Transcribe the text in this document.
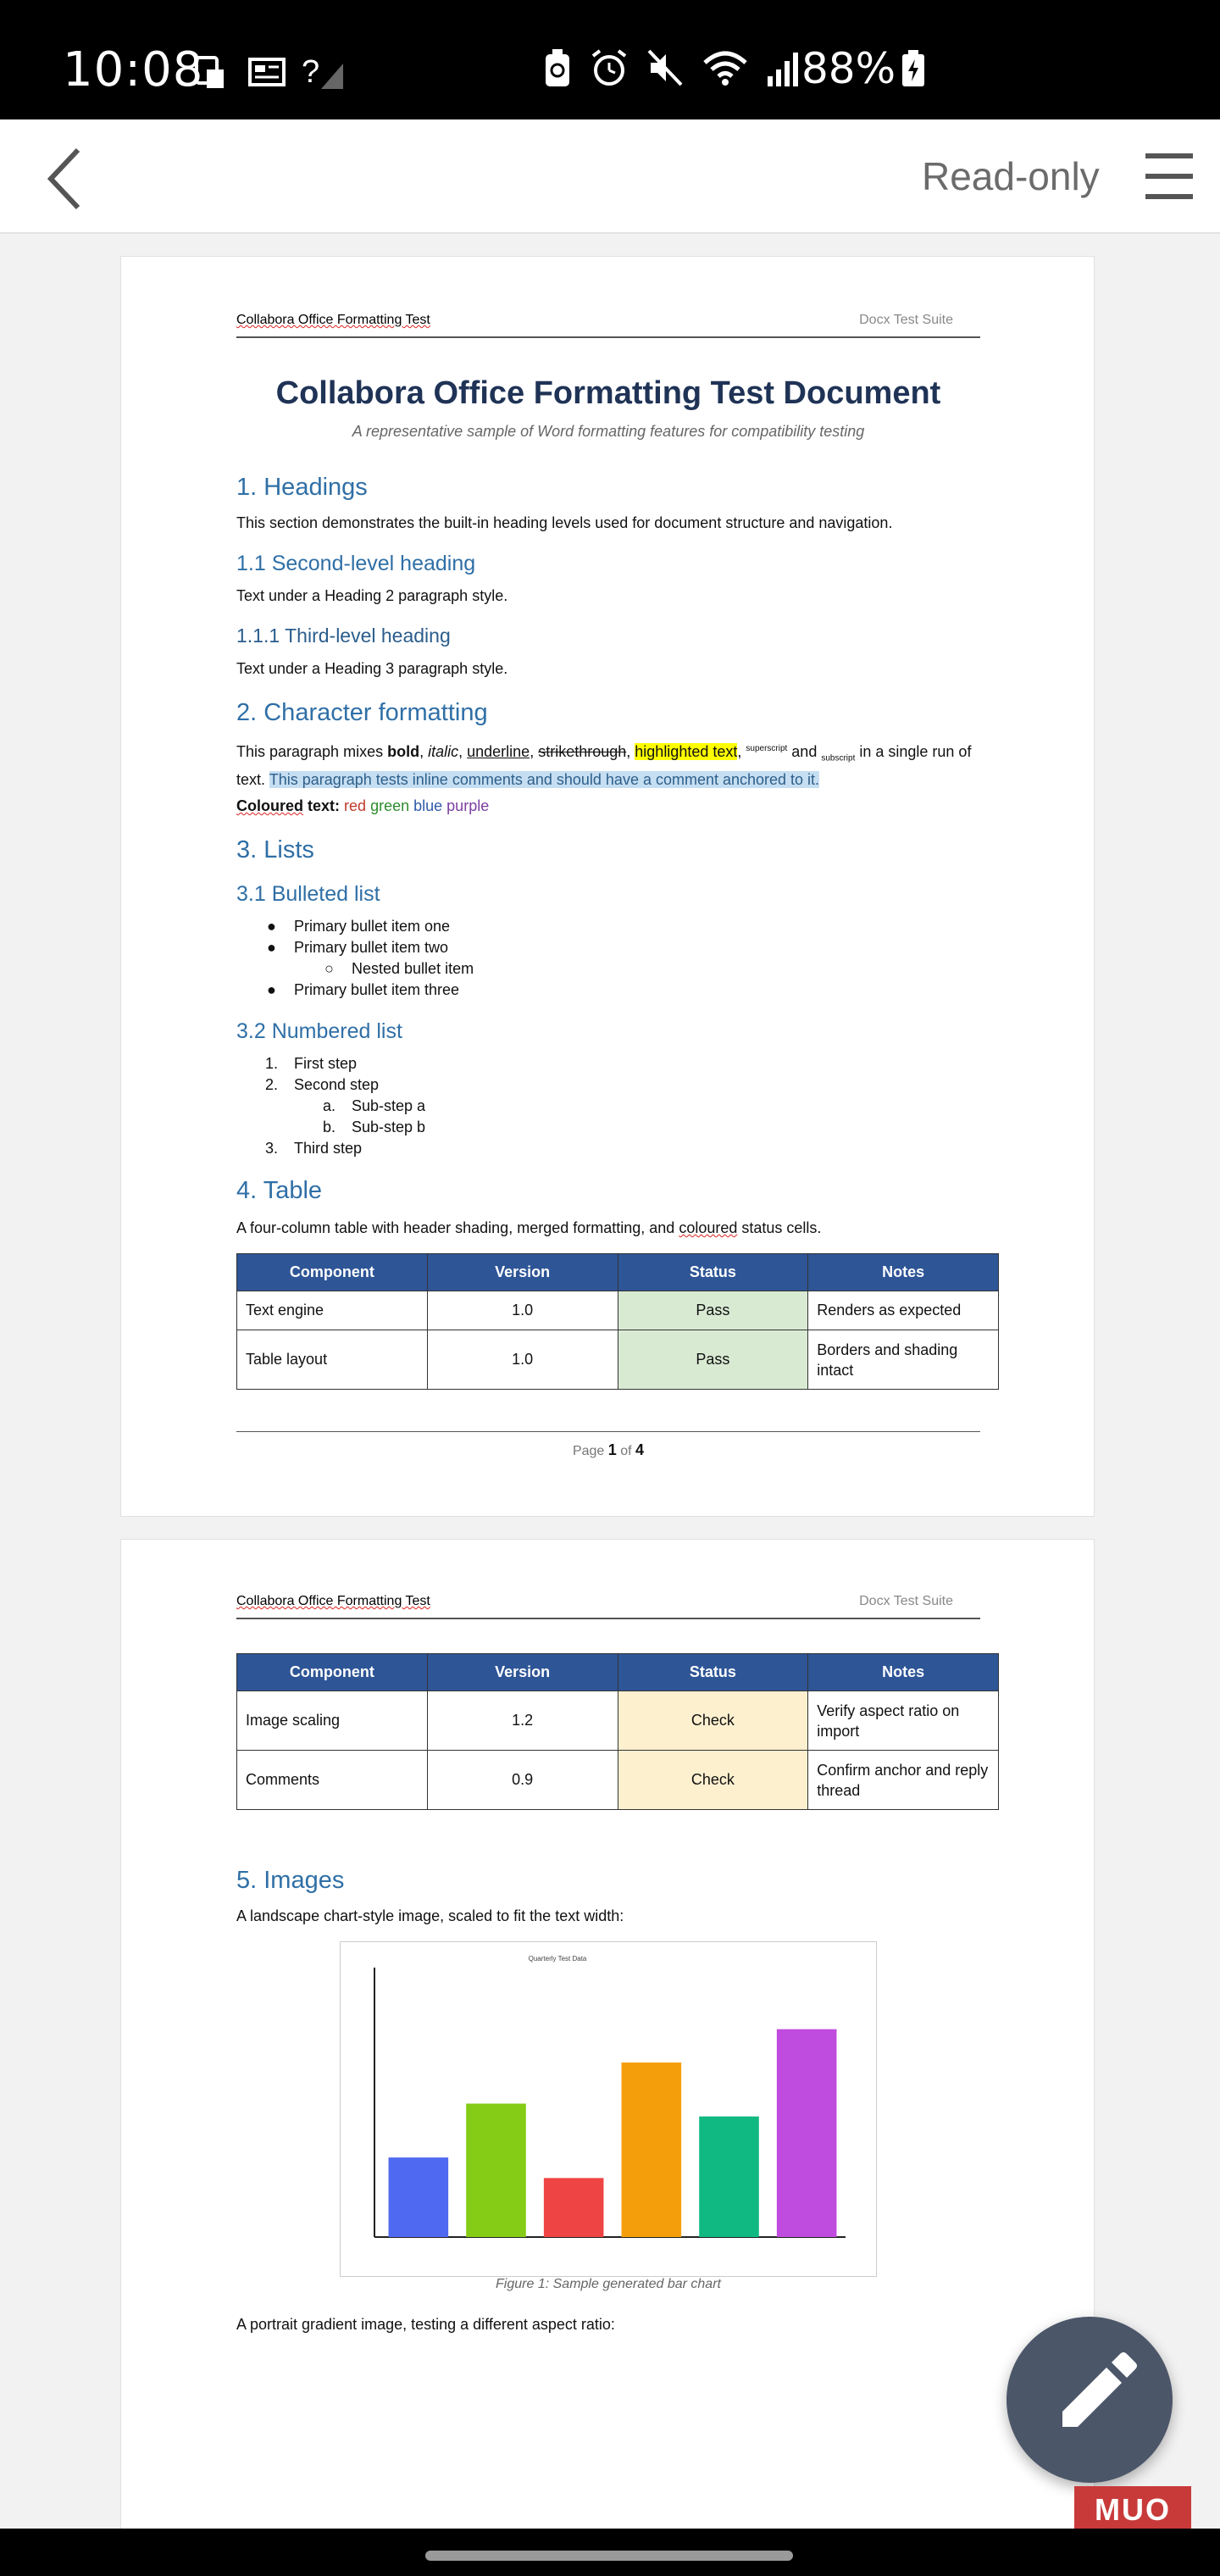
10:08	?	88%
Read-only
Collabora Office Formatting Test	Docx Test Suite
Collabora Office Formatting Test Document
A representative sample of Word formatting features for compatibility testing
1. Headings
This section demonstrates the built-in heading levels used for document structure and navigation.
1.1 Second-level heading
Text under a Heading 2 paragraph style.
1.1.1 Third-level heading
Text under a Heading 3 paragraph style.
2. Character formatting
This paragraph mixes bold, italic, underline, strikethrough, highlighted text, $^{superscript}$ and $_{subscript}$ in a single run of text. This paragraph tests inline comments and should have a comment anchored to it.
Coloured text: red green blue purple
3. Lists
3.1 Bulleted list
● Primary bullet item one
● Primary bullet item two
○ Nested bullet item
● Primary bullet item three
3.2 Numbered list
1. First step
2. Second step
a. Sub-step a
b. Sub-step b
3. Third step
4. Table
A four-column table with header shading, merged formatting, and coloured status cells.
Component	Version	Status	Notes
Text engine	1.0	Pass	Renders as expected
Table layout	1.0	Pass	Borders and shading intact
Page 1 of 4
Collabora Office Formatting Test	Docx Test Suite
Component	Version	Status	Notes
Image scaling	1.2	Check	Verify aspect ratio on import
Comments	0.9	Check	Confirm anchor and reply thread
5. Images
A landscape chart-style image, scaled to fit the text width:
Quarterly Test Data
Figure 1: Sample generated bar chart
A portrait gradient image, testing a different aspect ratio:
MUO
